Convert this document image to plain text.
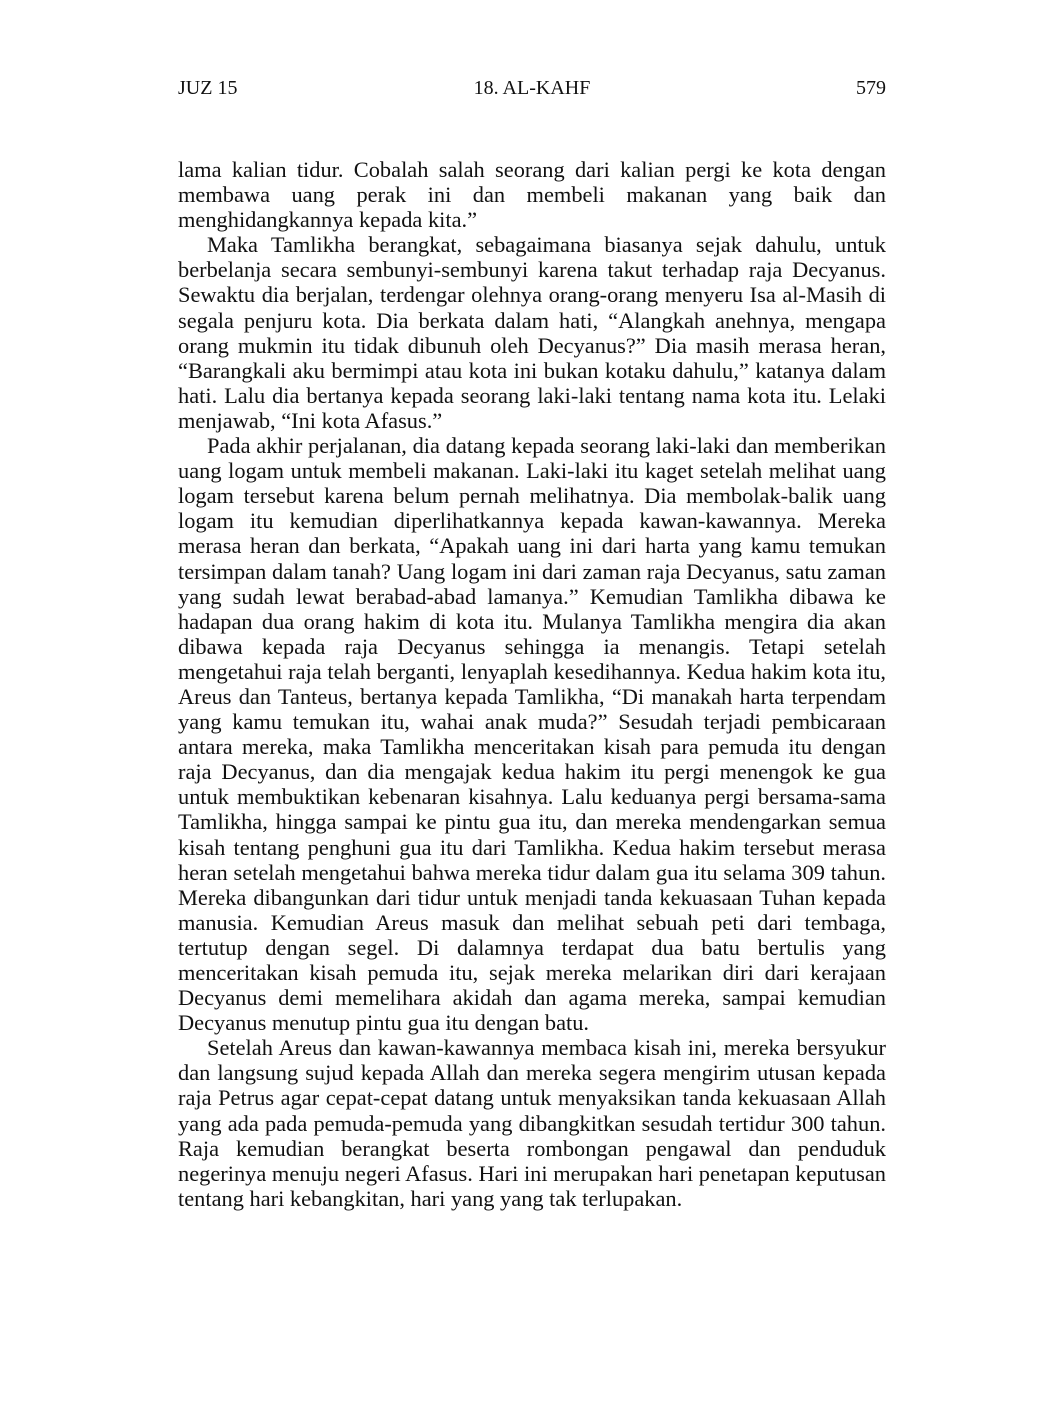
18. AL-KAHF
JUZ 15	579

lama kalian tidur. Cobalah salah seorang dari kalian pergi ke kota dengan membawa uang perak ini dan membeli makanan yang baik dan menghidangkannya kepada kita.”

Maka Tamlikha berangkat, sebagaimana biasanya sejak dahulu, untuk berbelanja secara sembunyi-sembunyi karena takut terhadap raja Decyanus. Sewaktu dia berjalan, terdengar olehnya orang-orang menyeru Isa al-Masih di segala penjuru kota. Dia berkata dalam hati, “Alangkah anehnya, mengapa orang mukmin itu tidak dibunuh oleh Decyanus?” Dia masih merasa heran, “Barangkali aku bermimpi atau kota ini bukan kotaku dahulu,” katanya dalam hati. Lalu dia bertanya kepada seorang laki-laki tentang nama kota itu. Lelaki menjawab, “Ini kota Afasus.”

Pada akhir perjalanan, dia datang kepada seorang laki-laki dan memberikan uang logam untuk membeli makanan. Laki-laki itu kaget setelah melihat uang logam tersebut karena belum pernah melihatnya. Dia membolak-balik uang logam itu kemudian diperlihatkannya kepada kawan-kawannya. Mereka merasa heran dan berkata, “Apakah uang ini dari harta yang kamu temukan tersimpan dalam tanah? Uang logam ini dari zaman raja Decyanus, satu zaman yang sudah lewat berabad-abad lamanya.” Kemudian Tamlikha dibawa ke hadapan dua orang hakim di kota itu. Mulanya Tamlikha mengira dia akan dibawa kepada raja Decyanus sehingga ia menangis. Tetapi setelah mengetahui raja telah berganti, lenyaplah kesedihannya. Kedua hakim kota itu, Areus dan Tanteus, bertanya kepada Tamlikha, “Di manakah harta terpendam yang kamu temukan itu, wahai anak muda?” Sesudah terjadi pembicaraan antara mereka, maka Tamlikha menceritakan kisah para pemuda itu dengan raja Decyanus, dan dia mengajak kedua hakim itu pergi menengok ke gua untuk membuktikan kebenaran kisahnya. Lalu keduanya pergi bersama-sama Tamlikha, hingga sampai ke pintu gua itu, dan mereka mendengarkan semua kisah tentang penghuni gua itu dari Tamlikha. Kedua hakim tersebut merasa heran setelah mengetahui bahwa mereka tidur dalam gua itu selama 309 tahun. Mereka dibangunkan dari tidur untuk menjadi tanda kekuasaan Tuhan kepada manusia. Kemudian Areus masuk dan melihat sebuah peti dari tembaga, tertutup dengan segel. Di dalamnya terdapat dua batu bertulis yang menceritakan kisah pemuda itu, sejak mereka melarikan diri dari kerajaan Decyanus demi memelihara akidah dan agama mereka, sampai kemudian Decyanus menutup pintu gua itu dengan batu.

Setelah Areus dan kawan-kawannya membaca kisah ini, mereka bersyukur dan langsung sujud kepada Allah dan mereka segera mengirim utusan kepada raja Petrus agar cepat-cepat datang untuk menyaksikan tanda kekuasaan Allah yang ada pada pemuda-pemuda yang dibangkitkan sesudah tertidur 300 tahun. Raja kemudian berangkat beserta rombongan pengawal dan penduduk negerinya menuju negeri Afasus. Hari ini merupakan hari penetapan keputusan tentang hari kebangkitan, hari yang yang tak terlupakan.
